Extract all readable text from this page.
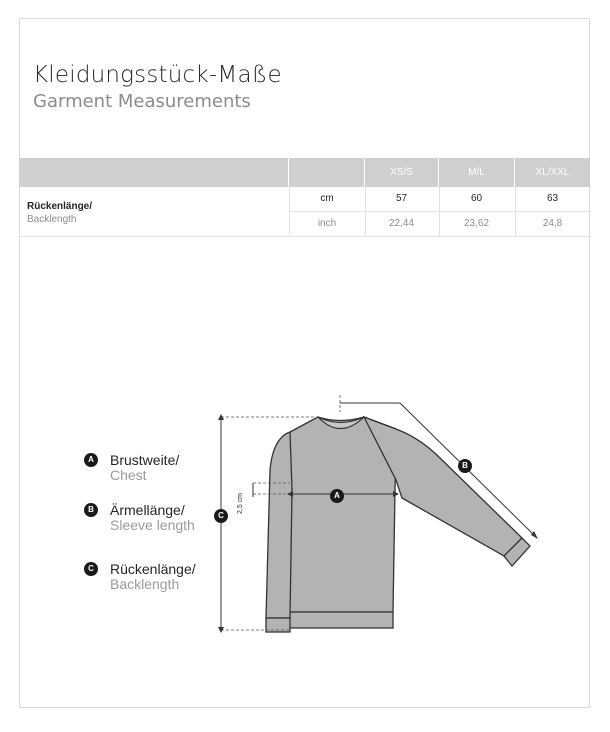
Kleidungsstück-Maße
Garment Measurements
XS/S	M/L	XL/XXL
Rückenlänge/
Backlength
cm	57	60	63
inch	22,44	23,62	24,8
A Brustweite/
Chest
B Ärmellänge/
Sleeve length
C Rückenlänge/
Backlength
A
B
C
2,5 cm
